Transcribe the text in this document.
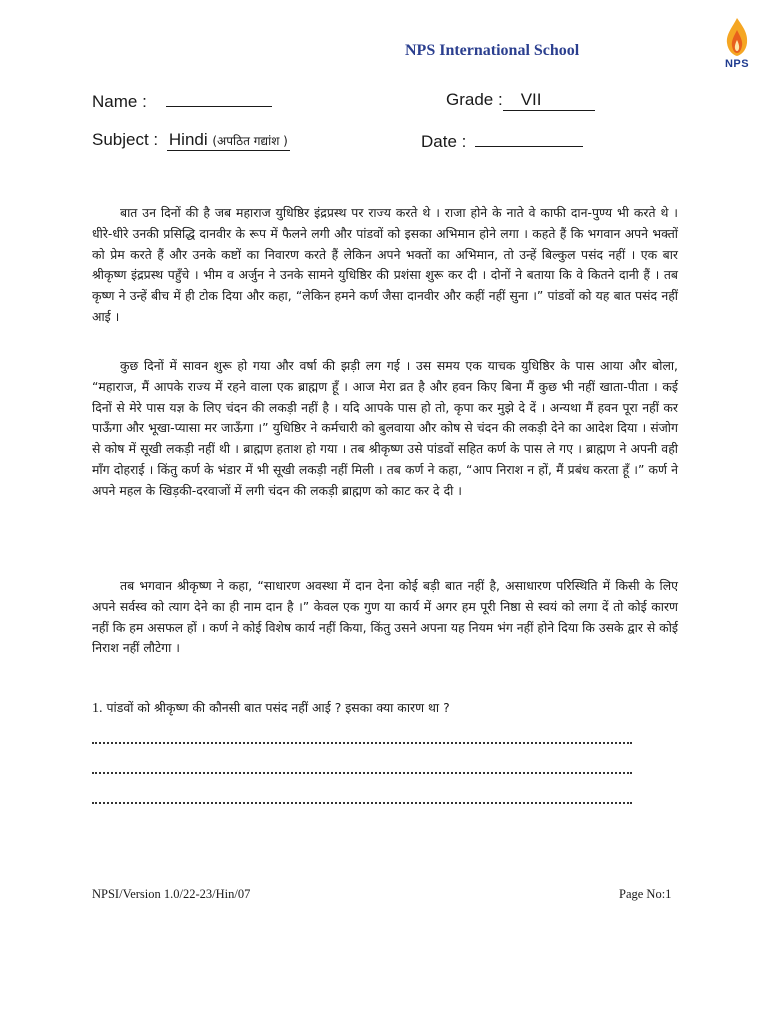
NPS International School
NPS
Name :	Grade : VII
Subject : Hindi (अपठित गद्यांश )	Date :

बात उन दिनों की है जब महाराज युधिष्ठिर इंद्रप्रस्थ पर राज्य करते थे । राजा होने के नाते वे काफी दान-पुण्य भी करते थे । धीरे-धीरे उनकी प्रसिद्धि दानवीर के रूप में फैलने लगी और पांडवों को इसका अभिमान होने लगा । कहते हैं कि भगवान अपने भक्तों को प्रेम करते हैं और उनके कष्टों का निवारण करते हैं लेकिन अपने भक्तों का अभिमान, तो उन्हें बिल्कुल पसंद नहीं । एक बार श्रीकृष्ण इंद्रप्रस्थ पहुँचे । भीम व अर्जुन ने उनके सामने युधिष्ठिर की प्रशंसा शुरू कर दी । दोनों ने बताया कि वे कितने दानी हैं । तब कृष्ण ने उन्हें बीच में ही टोक दिया और कहा, “लेकिन हमने कर्ण जैसा दानवीर और कहीं नहीं सुना ।” पांडवों को यह बात पसंद नहीं आई ।

कुछ दिनों में सावन शुरू हो गया और वर्षा की झड़ी लग गई । उस समय एक याचक युधिष्ठिर के पास आया और बोला, “महाराज, मैं आपके राज्य में रहने वाला एक ब्राह्मण हूँ । आज मेरा व्रत है और हवन किए बिना मैं कुछ भी नहीं खाता-पीता । कई दिनों से मेरे पास यज्ञ के लिए चंदन की लकड़ी नहीं है । यदि आपके पास हो तो, कृपा कर मुझे दे दें । अन्यथा मैं हवन पूरा नहीं कर पाऊँगा और भूखा-प्यासा मर जाऊँगा ।” युधिष्ठिर ने कर्मचारी को बुलवाया और कोष से चंदन की लकड़ी देने का आदेश दिया । संजोग से कोष में सूखी लकड़ी नहीं थी । ब्राह्मण हताश हो गया । तब श्रीकृष्ण उसे पांडवों सहित कर्ण के पास ले गए । ब्राह्मण ने अपनी वही माँग दोहराई । किंतु कर्ण के भंडार में भी सूखी लकड़ी नहीं मिली । तब कर्ण ने कहा, “आप निराश न हों, मैं प्रबंध करता हूँ ।” कर्ण ने अपने महल के खिड़की-दरवाजों में लगी चंदन की लकड़ी ब्राह्मण को काट कर दे दी ।

तब भगवान श्रीकृष्ण ने कहा, “साधारण अवस्था में दान देना कोई बड़ी बात नहीं है, असाधारण परिस्थिति में किसी के लिए अपने सर्वस्व को त्याग देने का ही नाम दान है ।” केवल एक गुण या कार्य में अगर हम पूरी निष्ठा से स्वयं को लगा दें तो कोई कारण नहीं कि हम असफल हों । कर्ण ने कोई विशेष कार्य नहीं किया, किंतु उसने अपना यह नियम भंग नहीं होने दिया कि उसके द्वार से कोई निराश नहीं लौटेगा ।

1. पांडवों को श्रीकृष्ण की कौनसी बात पसंद नहीं आई ? इसका क्या कारण था ?

NPSI/Version 1.0/22-23/Hin/07	Page No:1
